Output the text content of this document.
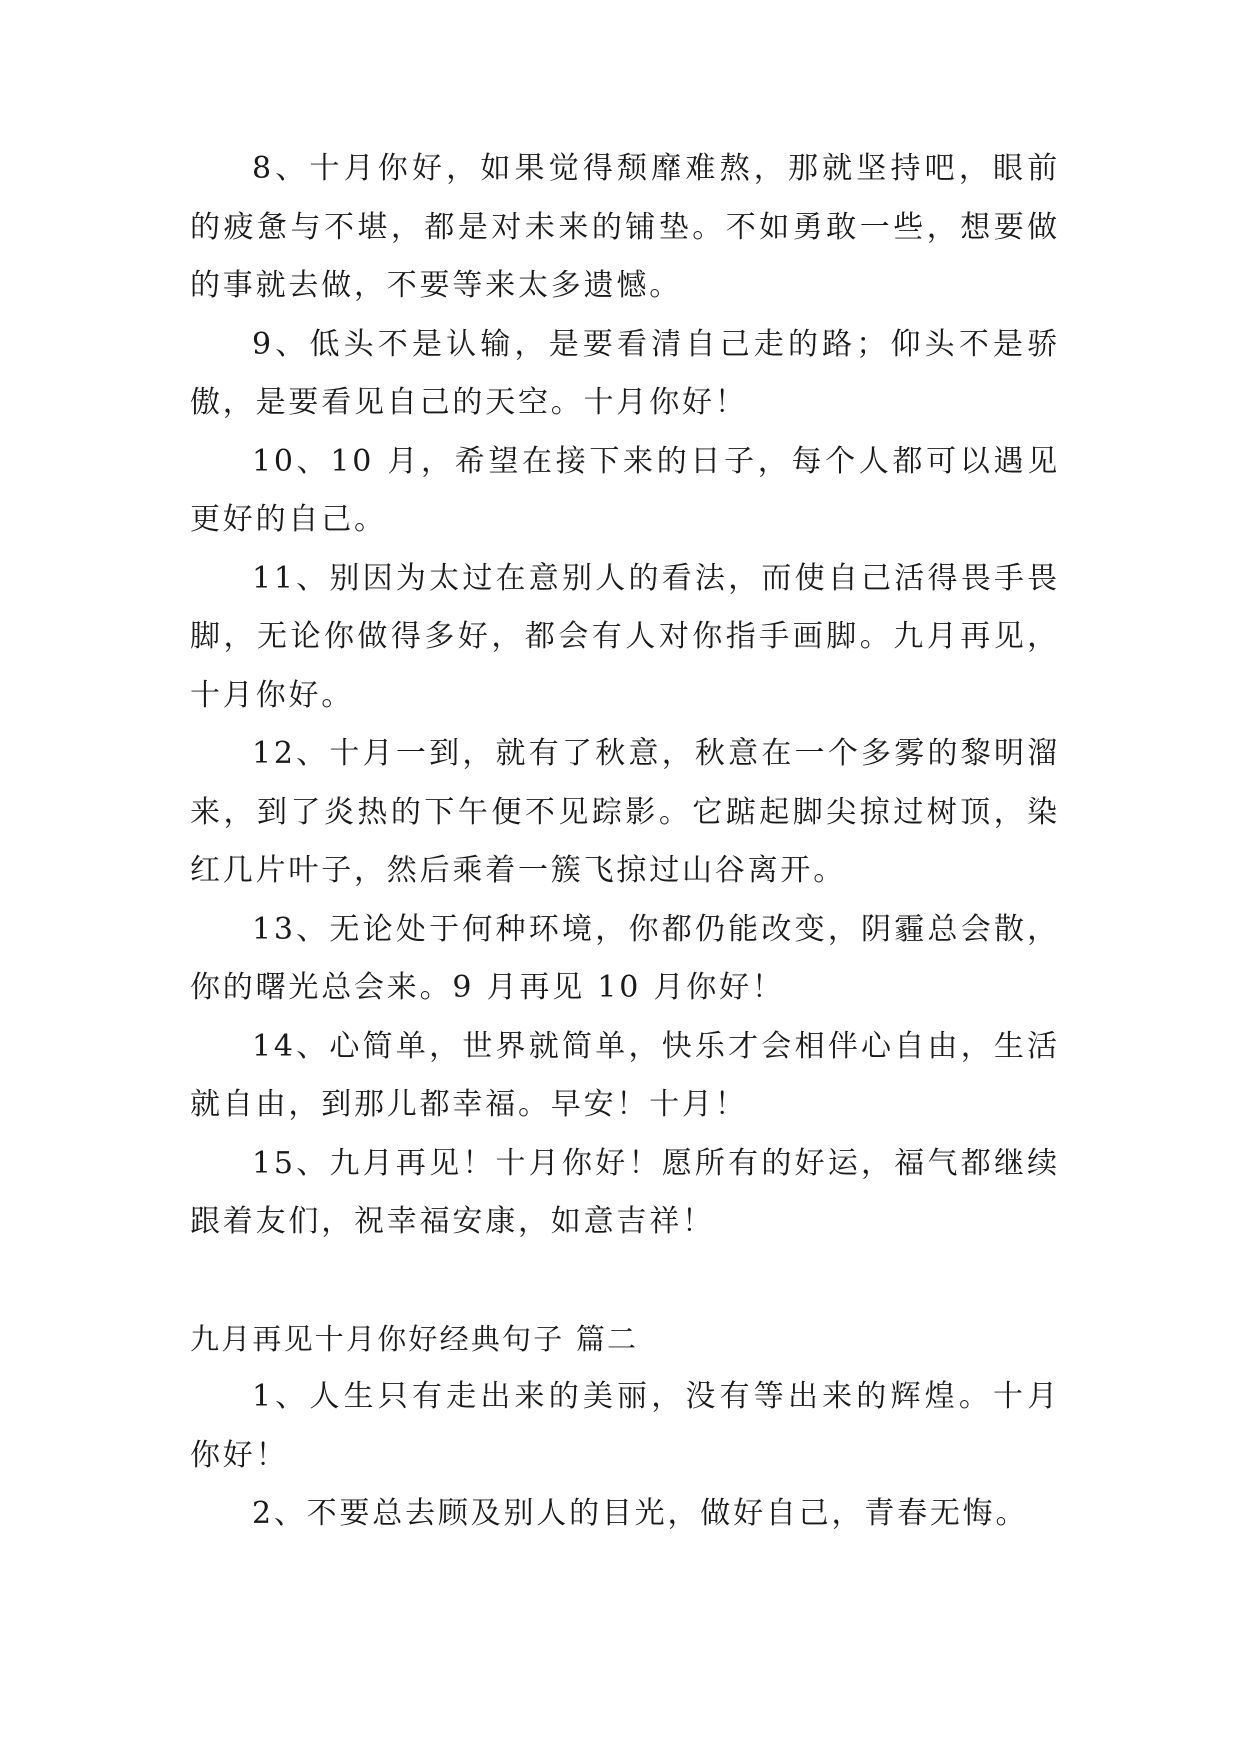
8、十月你好，如果觉得颓靡难熬，那就坚持吧，眼前的疲惫与不堪，都是对未来的铺垫。不如勇敢一些，想要做的事就去做，不要等来太多遗憾。

9、低头不是认输，是要看清自己走的路；仰头不是骄傲，是要看见自己的天空。十月你好！

10、10 月，希望在接下来的日子，每个人都可以遇见更好的自己。

11、别因为太过在意别人的看法，而使自己活得畏手畏脚，无论你做得多好，都会有人对你指手画脚。九月再见，十月你好。

12、十月一到，就有了秋意，秋意在一个多雾的黎明溜来，到了炎热的下午便不见踪影。它踮起脚尖掠过树顶，染红几片叶子，然后乘着一簇飞掠过山谷离开。

13、无论处于何种环境，你都仍能改变，阴霾总会散，你的曙光总会来。9 月再见 10 月你好！

14、心简单，世界就简单，快乐才会相伴心自由，生活就自由，到那儿都幸福。早安！十月！

15、九月再见！十月你好！愿所有的好运，福气都继续跟着友们，祝幸福安康，如意吉祥！

九月再见十月你好经典句子 篇二

1、人生只有走出来的美丽，没有等出来的辉煌。十月你好！

2、不要总去顾及别人的目光，做好自己，青春无悔。
